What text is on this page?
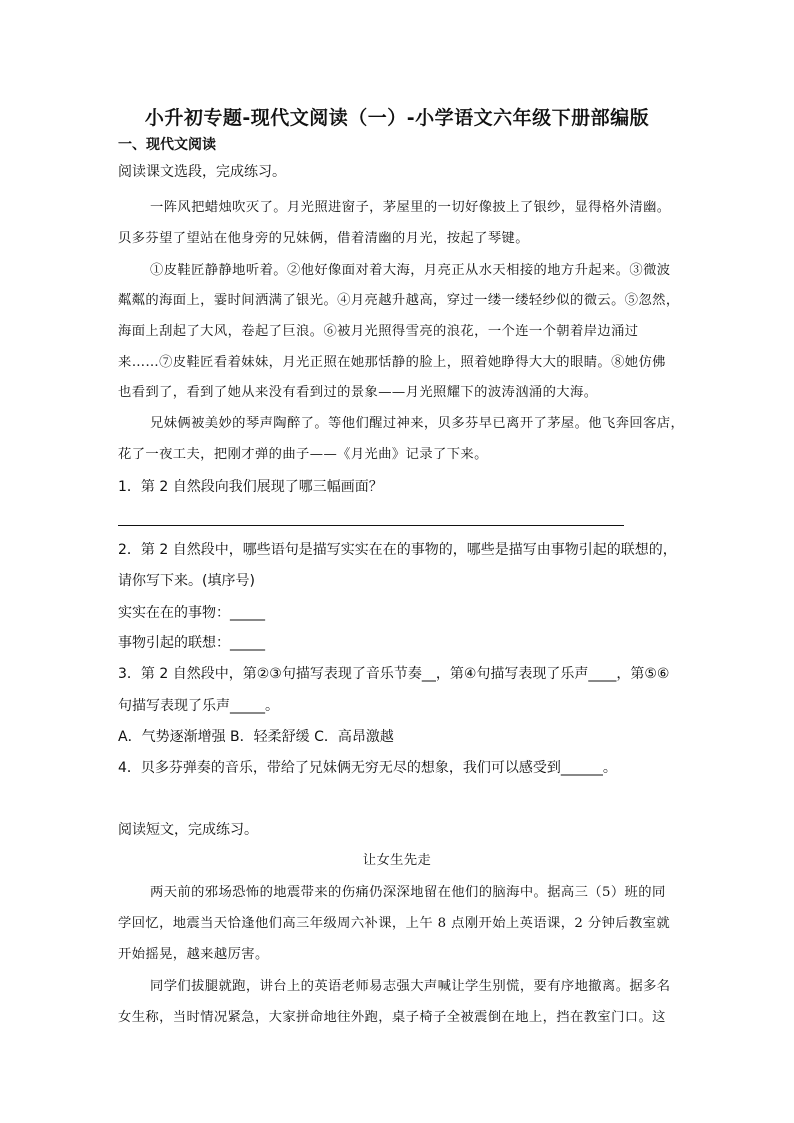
小升初专题-现代文阅读（一）-小学语文六年级下册部编版
一、现代文阅读
阅读课文选段，完成练习。
一阵风把蜡烛吹灭了。月光照进窗子，茅屋里的一切好像披上了银纱，显得格外清幽。
贝多芬望了望站在他身旁的兄妹俩，借着清幽的月光，按起了琴键。
①皮鞋匠静静地听着。②他好像面对着大海，月亮正从水天相接的地方升起来。③微波
粼粼的海面上，霎时间洒满了银光。④月亮越升越高，穿过一缕一缕轻纱似的微云。⑤忽然，
海面上刮起了大风，卷起了巨浪。⑥被月光照得雪亮的浪花，一个连一个朝着岸边涌过
来……⑦皮鞋匠看着妹妹，月光正照在她那恬静的脸上，照着她睁得大大的眼睛。⑧她仿佛
也看到了，看到了她从来没有看到过的景象——月光照耀下的波涛汹涌的大海。
兄妹俩被美妙的琴声陶醉了。等他们醒过神来，贝多芬早已离开了茅屋。他飞奔回客店，
花了一夜工夫，把刚才弹的曲子——《月光曲》记录了下来。
1．第 2 自然段向我们展现了哪三幅画面？
2．第 2 自然段中，哪些语句是描写实实在在的事物的，哪些是描写由事物引起的联想的，
请你写下来。(填序号)
实实在在的事物：_____
事物引起的联想：_____
3．第 2 自然段中，第②③句描写表现了音乐节奏__，第④句描写表现了乐声____，第⑤⑥
句描写表现了乐声_____。
A．气势逐渐增强 B．轻柔舒缓 C．高昂激越
4．贝多芬弹奏的音乐，带给了兄妹俩无穷无尽的想象，我们可以感受到______。
阅读短文，完成练习。
让女生先走
两天前的邪场恐怖的地震带来的伤痛仍深深地留在他们的脑海中。据高三（5）班的同
学回忆，地震当天恰逢他们高三年级周六补课，上午 8 点刚开始上英语课，2 分钟后教室就
开始摇晃，越来越厉害。
同学们拔腿就跑，讲台上的英语老师易志强大声喊让学生别慌，要有序地撤离。据多名
女生称，当时情况紧急，大家拼命地往外跑，桌子椅子全被震倒在地上，挡在教室门口。这
